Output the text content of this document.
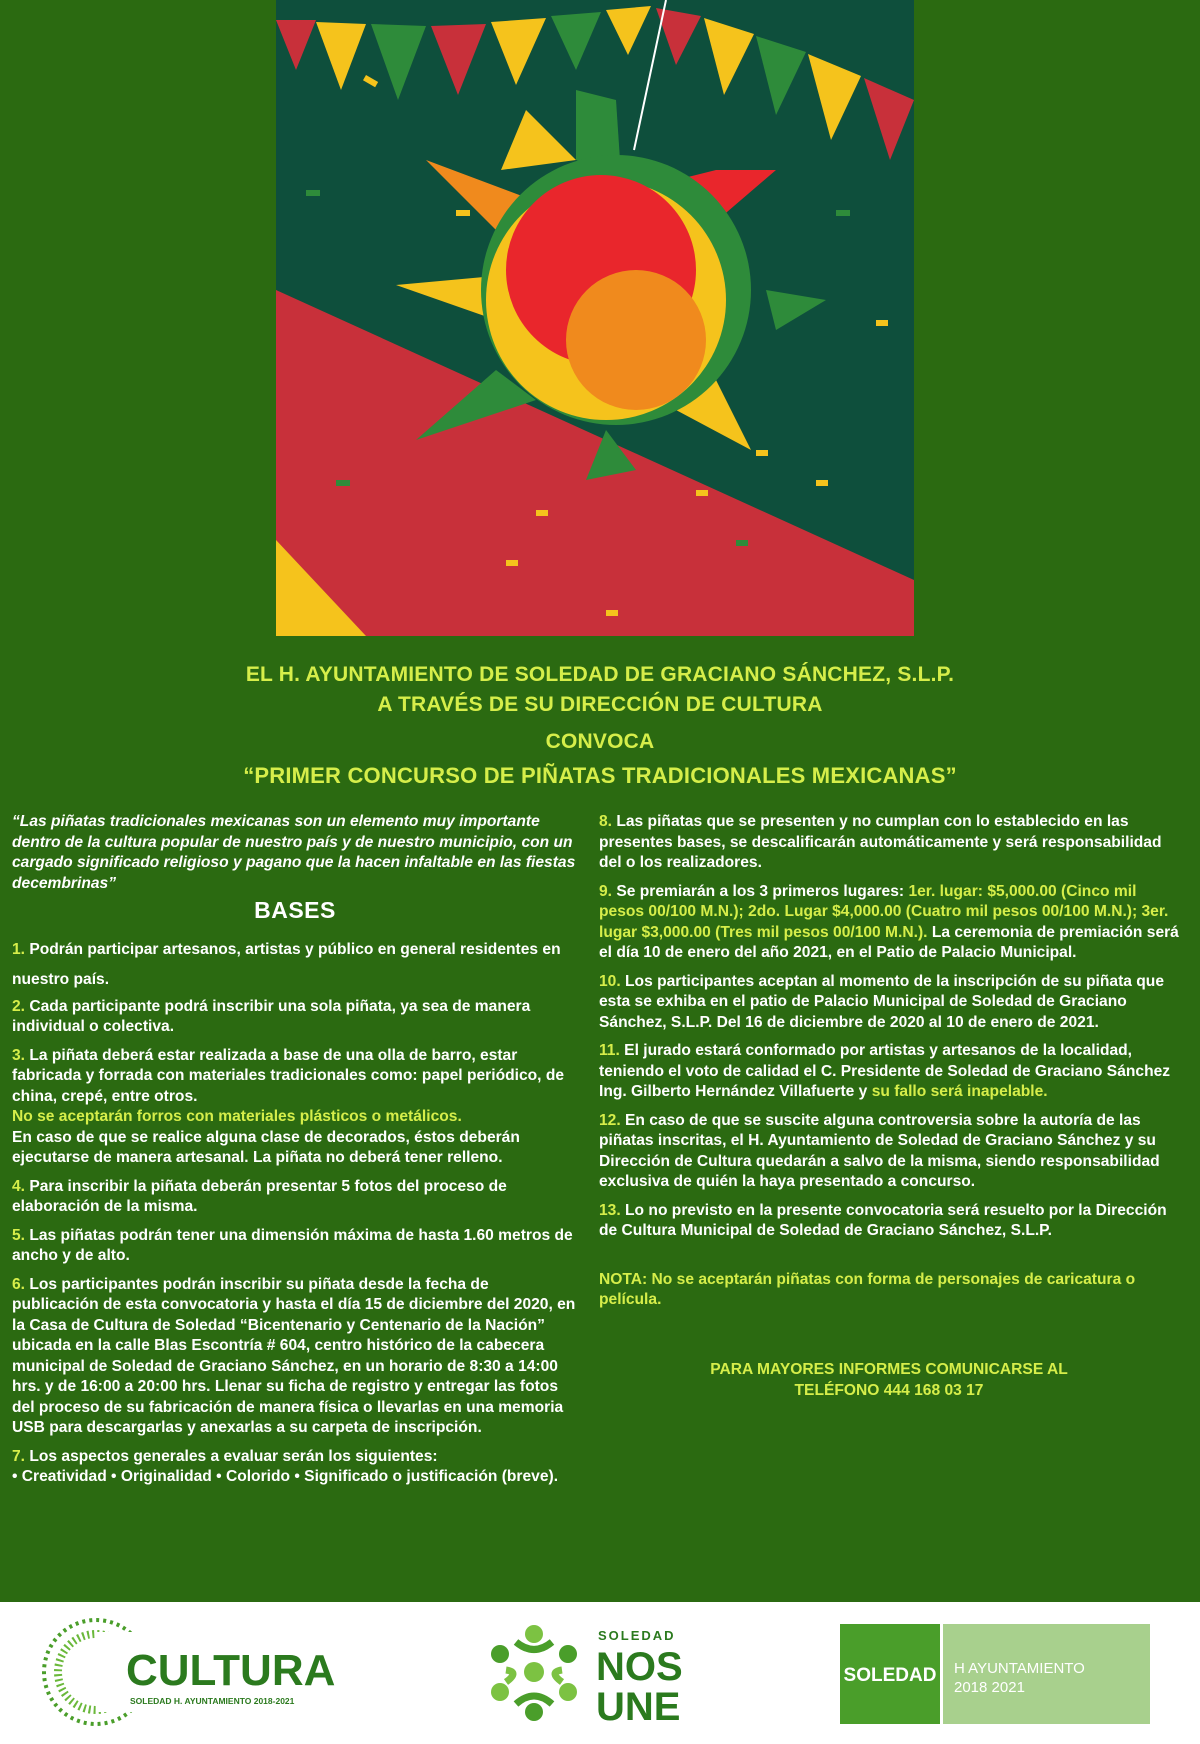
EL H. AYUNTAMIENTO DE SOLEDAD DE GRACIANO SÁNCHEZ, S.L.P.
A TRAVÉS DE SU DIRECCIÓN DE CULTURA
CONVOCA
“PRIMER CONCURSO DE PIÑATAS TRADICIONALES MEXICANAS”

“Las piñatas tradicionales mexicanas son un elemento muy importante dentro de la cultura popular de nuestro país y de nuestro municipio, con un cargado significado religioso y pagano que la hacen infaltable en las fiestas decembrinas”

BASES

1. Podrán participar artesanos, artistas y público en general residentes en nuestro país.

2. Cada participante podrá inscribir una sola piñata, ya sea de manera individual o colectiva.

3. La piñata deberá estar realizada a base de una olla de barro, estar fabricada y forrada con materiales tradicionales como: papel periódico, de china, crepé, entre otros.
No se aceptarán forros con materiales plásticos o metálicos.
En caso de que se realice alguna clase de decorados, éstos deberán ejecutarse de manera artesanal. La piñata no deberá tener relleno.

4. Para inscribir la piñata deberán presentar 5 fotos del proceso de elaboración de la misma.

5. Las piñatas podrán tener una dimensión máxima de hasta 1.60 metros de ancho y de alto.

6. Los participantes podrán inscribir su piñata desde la fecha de publicación de esta convocatoria y hasta el día 15 de diciembre del 2020, en la Casa de Cultura de Soledad “Bicentenario y Centenario de la Nación” ubicada en la calle Blas Escontría # 604, centro histórico de la cabecera municipal de Soledad de Graciano Sánchez, en un horario de 8:30 a 14:00 hrs. y de 16:00 a 20:00 hrs. Llenar su ficha de registro y entregar las fotos del proceso de su fabricación de manera física o llevarlas en una memoria USB para descargarlas y anexarlas a su carpeta de inscripción.

7. Los aspectos generales a evaluar serán los siguientes:
• Creatividad • Originalidad • Colorido • Significado o justificación (breve).

8. Las piñatas que se presenten y no cumplan con lo establecido en las presentes bases, se descalificarán automáticamente y será responsabilidad del o los realizadores.

9. Se premiarán a los 3 primeros lugares: 1er. lugar: $5,000.00 (Cinco mil pesos 00/100 M.N.); 2do. Lugar $4,000.00 (Cuatro mil pesos 00/100 M.N.); 3er. lugar $3,000.00 (Tres mil pesos 00/100 M.N.). La ceremonia de premiación será el día 10 de enero del año 2021, en el Patio de Palacio Municipal.

10. Los participantes aceptan al momento de la inscripción de su piñata que esta se exhiba en el patio de Palacio Municipal de Soledad de Graciano Sánchez, S.L.P. Del 16 de diciembre de 2020 al 10 de enero de 2021.

11. El jurado estará conformado por artistas y artesanos de la localidad, teniendo el voto de calidad el C. Presidente de Soledad de Graciano Sánchez Ing. Gilberto Hernández Villafuerte y su fallo será inapelable.

12. En caso de que se suscite alguna controversia sobre la autoría de las piñatas inscritas, el H. Ayuntamiento de Soledad de Graciano Sánchez y su Dirección de Cultura quedarán a salvo de la misma, siendo responsabilidad exclusiva de quién la haya presentado a concurso.

13. Lo no previsto en la presente convocatoria será resuelto por la Dirección de Cultura Municipal de Soledad de Graciano Sánchez, S.L.P.

NOTA: No se aceptarán piñatas con forma de personajes de caricatura o película.

PARA MAYORES INFORMES COMUNICARSE AL
TELÉFONO 444 168 03 17
CULTURA
SOLEDAD H. AYUNTAMIENTO 2018-2021
SOLEDAD
NOS
UNE
SOLEDAD H AYUNTAMIENTO
2018 2021
